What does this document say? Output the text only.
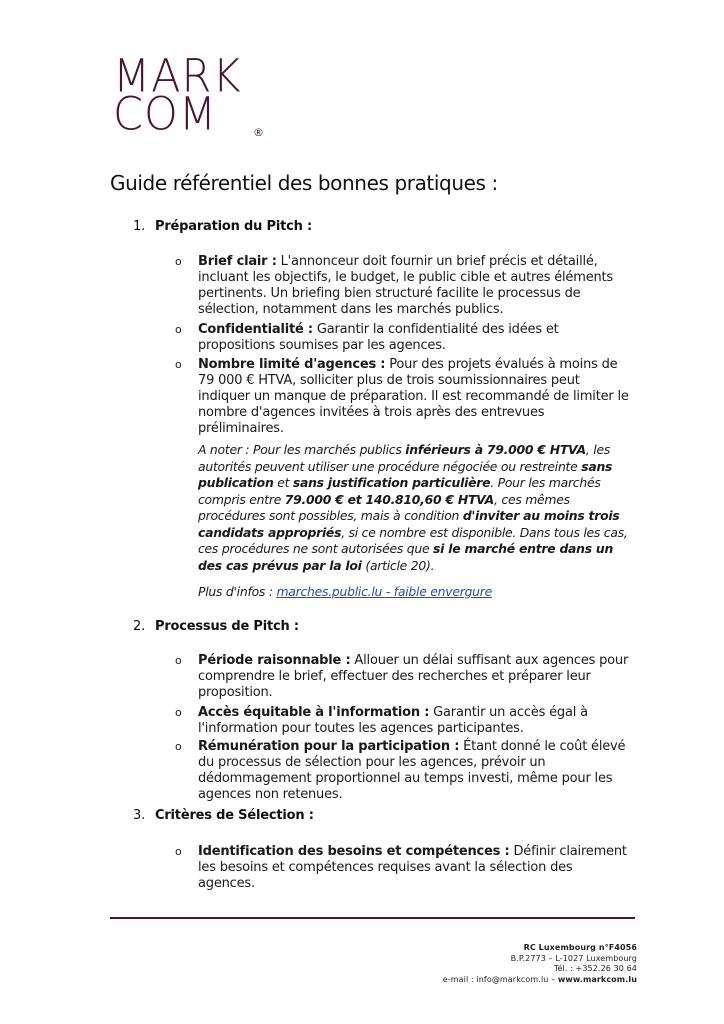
MARK
COM	®
Guide référentiel des bonnes pratiques :
1. Préparation du Pitch :
o Brief clair : L'annonceur doit fournir un brief précis et détaillé, incluant les objectifs, le budget, le public cible et autres éléments pertinents. Un briefing bien structuré facilite le processus de sélection, notamment dans les marchés publics.
o Confidentialité : Garantir la confidentialité des idées et propositions soumises par les agences.
o Nombre limité d'agences : Pour des projets évalués à moins de 79 000 € HTVA, solliciter plus de trois soumissionnaires peut indiquer un manque de préparation. Il est recommandé de limiter le nombre d'agences invitées à trois après des entrevues préliminaires.
A noter : Pour les marchés publics inférieurs à 79.000 € HTVA, les autorités peuvent utiliser une procédure négociée ou restreinte sans publication et sans justification particulière. Pour les marchés compris entre 79.000 € et 140.810,60 € HTVA, ces mêmes procédures sont possibles, mais à condition d'inviter au moins trois candidats appropriés, si ce nombre est disponible. Dans tous les cas, ces procédures ne sont autorisées que si le marché entre dans un des cas prévus par la loi (article 20).
Plus d'infos : marches.public.lu - faible envergure
2. Processus de Pitch :
o Période raisonnable : Allouer un délai suffisant aux agences pour comprendre le brief, effectuer des recherches et préparer leur proposition.
o Accès équitable à l'information : Garantir un accès égal à l'information pour toutes les agences participantes.
o Rémunération pour la participation : Étant donné le coût élevé du processus de sélection pour les agences, prévoir un dédommagement proportionnel au temps investi, même pour les agences non retenues.
3. Critères de Sélection :
o Identification des besoins et compétences : Définir clairement les besoins et compétences requises avant la sélection des agences.
RC Luxembourg n°F4056
B.P.2773 – L-1027 Luxembourg
Tél. : +352.26 30 64
e-mail : info@markcom.lu – www.markcom.lu
